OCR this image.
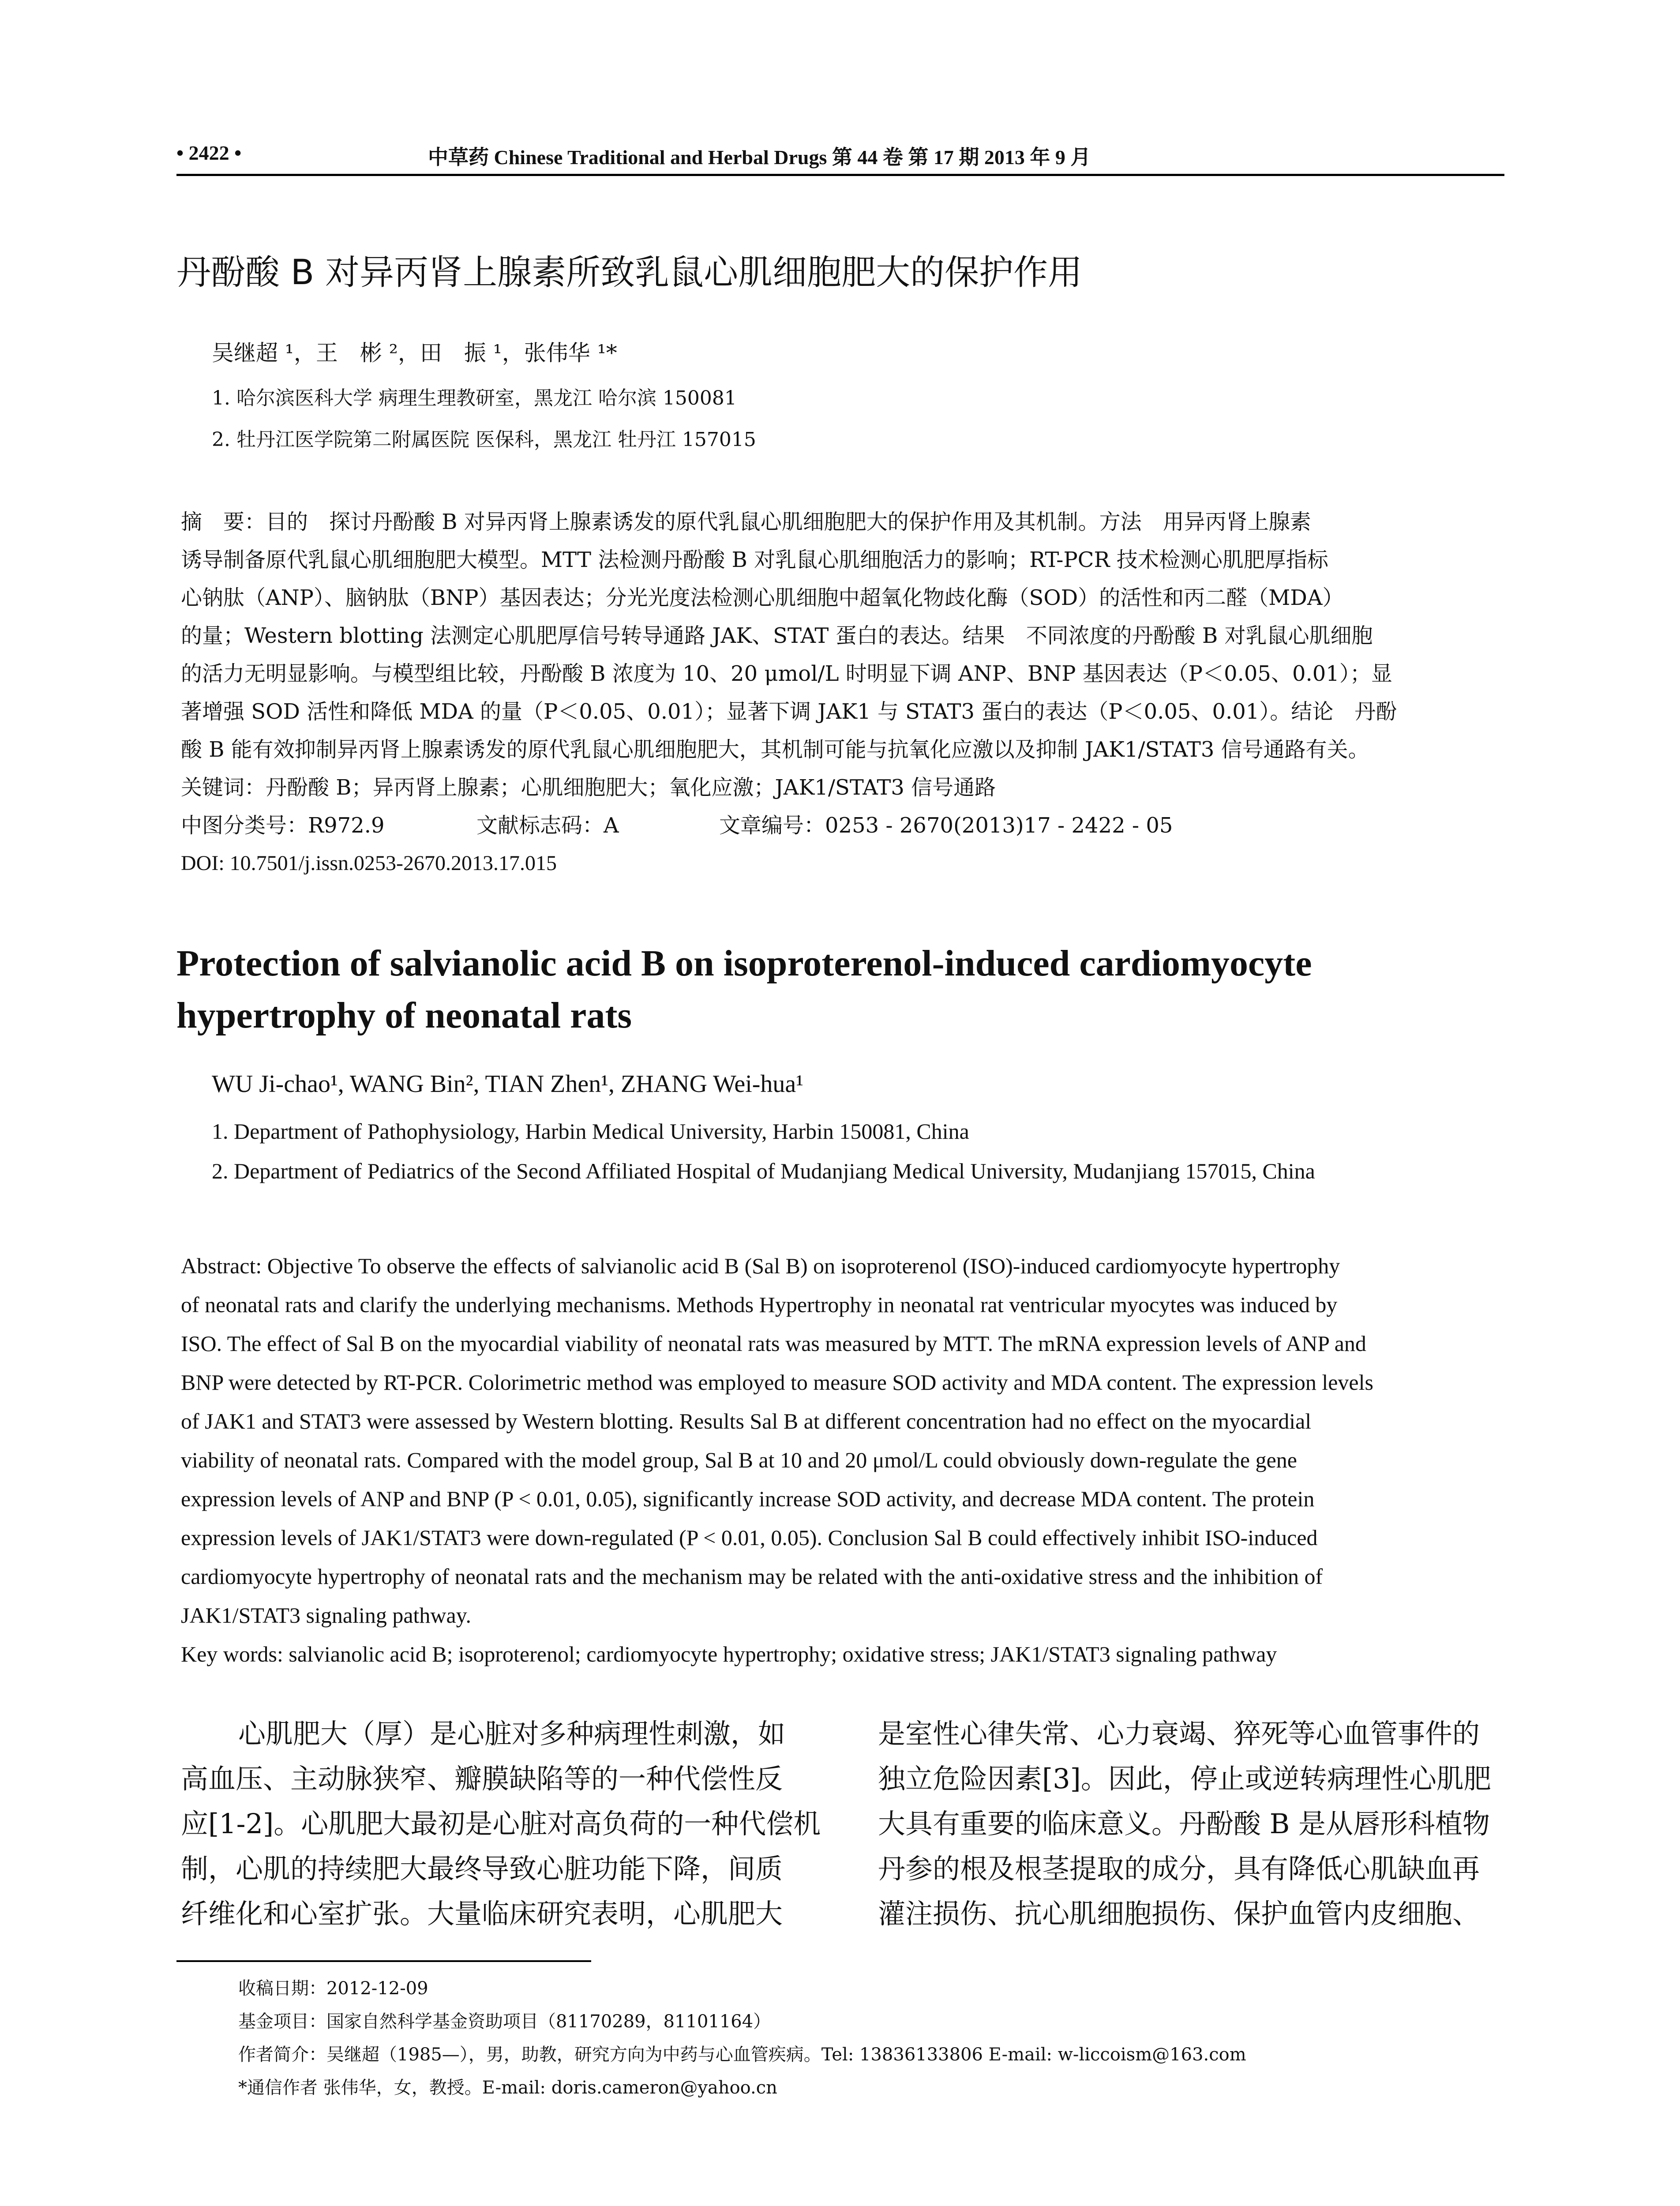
• 2422 •	中草药 Chinese Traditional and Herbal Drugs 第 44 卷 第 17 期 2013 年 9 月
丹酚酸 B 对异丙肾上腺素所致乳鼠心肌细胞肥大的保护作用
吴继超 ¹，王　彬 ²，田　振 ¹，张伟华 ¹*
1. 哈尔滨医科大学 病理生理教研室，黑龙江 哈尔滨 150081
2. 牡丹江医学院第二附属医院 医保科，黑龙江 牡丹江 157015
摘　要：目的　探讨丹酚酸 B 对异丙肾上腺素诱发的原代乳鼠心肌细胞肥大的保护作用及其机制。方法　用异丙肾上腺素
诱导制备原代乳鼠心肌细胞肥大模型。MTT 法检测丹酚酸 B 对乳鼠心肌细胞活力的影响；RT-PCR 技术检测心肌肥厚指标
心钠肽（ANP）、脑钠肽（BNP）基因表达；分光光度法检测心肌细胞中超氧化物歧化酶（SOD）的活性和丙二醛（MDA）
的量；Western blotting 法测定心肌肥厚信号转导通路 JAK、STAT 蛋白的表达。结果　不同浓度的丹酚酸 B 对乳鼠心肌细胞
的活力无明显影响。与模型组比较，丹酚酸 B 浓度为 10、20 μmol/L 时明显下调 ANP、BNP 基因表达（P＜0.05、0.01）；显
著增强 SOD 活性和降低 MDA 的量（P＜0.05、0.01）；显著下调 JAK1 与 STAT3 蛋白的表达（P＜0.05、0.01）。结论　丹酚
酸 B 能有效抑制异丙肾上腺素诱发的原代乳鼠心肌细胞肥大，其机制可能与抗氧化应激以及抑制 JAK1/STAT3 信号通路有关。
关键词：丹酚酸 B；异丙肾上腺素；心肌细胞肥大；氧化应激；JAK1/STAT3 信号通路
中图分类号：R972.9	文献标志码：A	文章编号：0253 - 2670(2013)17 - 2422 - 05
DOI: 10.7501/j.issn.0253-2670.2013.17.015
Protection of salvianolic acid B on isoproterenol-induced cardiomyocyte
hypertrophy of neonatal rats
WU Ji-chao¹, WANG Bin², TIAN Zhen¹, ZHANG Wei-hua¹
1. Department of Pathophysiology, Harbin Medical University, Harbin 150081, China
2. Department of Pediatrics of the Second Affiliated Hospital of Mudanjiang Medical University, Mudanjiang 157015, China
Abstract: Objective To observe the effects of salvianolic acid B (Sal B) on isoproterenol (ISO)-induced cardiomyocyte hypertrophy
of neonatal rats and clarify the underlying mechanisms. Methods Hypertrophy in neonatal rat ventricular myocytes was induced by
ISO. The effect of Sal B on the myocardial viability of neonatal rats was measured by MTT. The mRNA expression levels of ANP and
BNP were detected by RT-PCR. Colorimetric method was employed to measure SOD activity and MDA content. The expression levels
of JAK1 and STAT3 were assessed by Western blotting. Results Sal B at different concentration had no effect on the myocardial
viability of neonatal rats. Compared with the model group, Sal B at 10 and 20 μmol/L could obviously down-regulate the gene
expression levels of ANP and BNP (P < 0.01, 0.05), significantly increase SOD activity, and decrease MDA content. The protein
expression levels of JAK1/STAT3 were down-regulated (P < 0.01, 0.05). Conclusion Sal B could effectively inhibit ISO-induced
cardiomyocyte hypertrophy of neonatal rats and the mechanism may be related with the anti-oxidative stress and the inhibition of
JAK1/STAT3 signaling pathway.
Key words: salvianolic acid B; isoproterenol; cardiomyocyte hypertrophy; oxidative stress; JAK1/STAT3 signaling pathway
心肌肥大（厚）是心脏对多种病理性刺激，如
高血压、主动脉狭窄、瓣膜缺陷等的一种代偿性反
应[1-2]。心肌肥大最初是心脏对高负荷的一种代偿机
制，心肌的持续肥大最终导致心脏功能下降，间质
纤维化和心室扩张。大量临床研究表明，心肌肥大
是室性心律失常、心力衰竭、猝死等心血管事件的
独立危险因素[3]。因此，停止或逆转病理性心肌肥
大具有重要的临床意义。丹酚酸 B 是从唇形科植物
丹参的根及根茎提取的成分，具有降低心肌缺血再
灌注损伤、抗心肌细胞损伤、保护血管内皮细胞、
收稿日期：2012-12-09
基金项目：国家自然科学基金资助项目（81170289，81101164）
作者简介：吴继超（1985—），男，助教，研究方向为中药与心血管疾病。Tel: 13836133806 E-mail: w-liccoism@163.com
*通信作者 张伟华，女，教授。E-mail: doris.cameron@yahoo.cn
